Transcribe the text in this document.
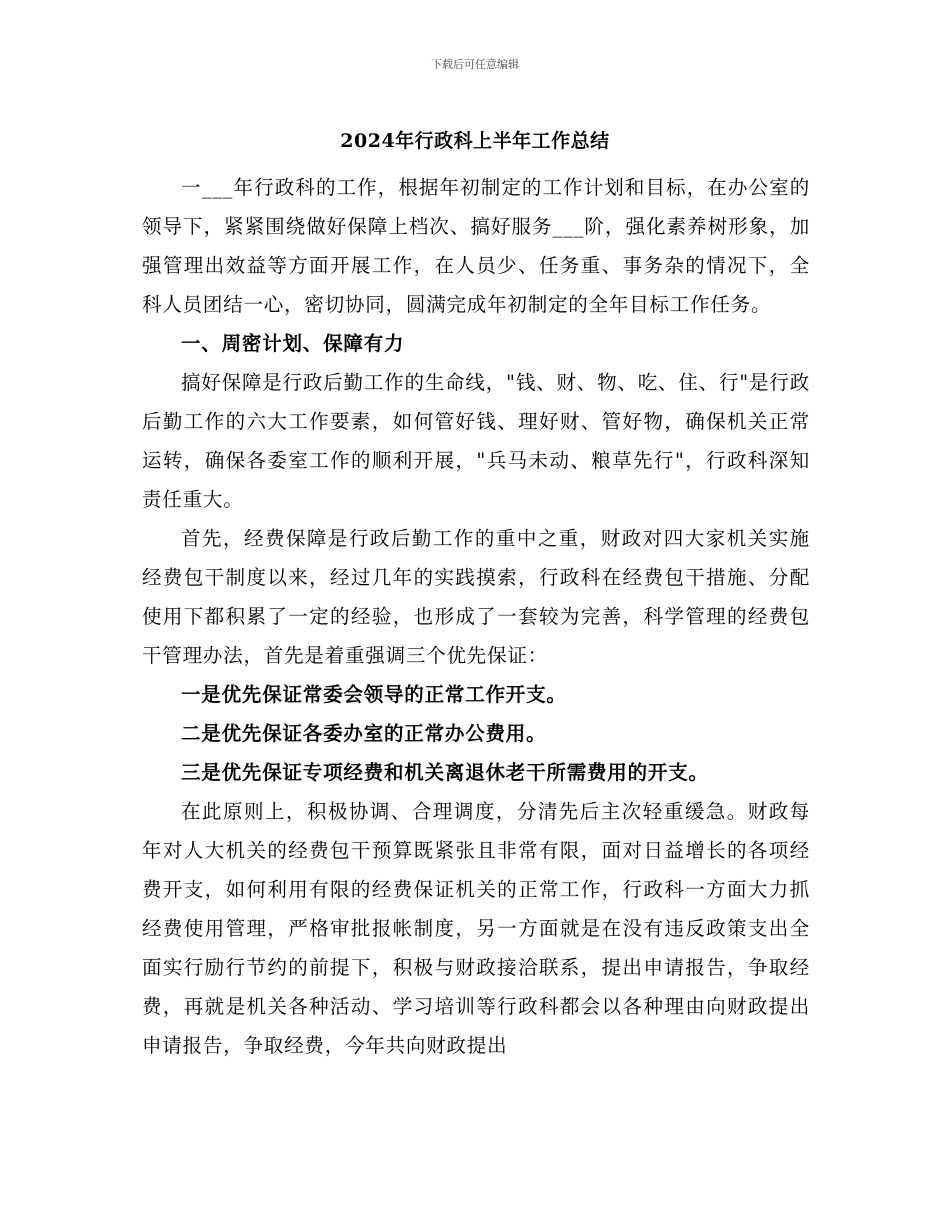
下载后可任意编辑
2024年行政科上半年工作总结

一___年行政科的工作，根据年初制定的工作计划和目标，在办公室的领导下，紧紧围绕做好保障上档次、搞好服务___阶，强化素养树形象，加强管理出效益等方面开展工作，在人员少、任务重、事务杂的情况下，全科人员团结一心，密切协同，圆满完成年初制定的全年目标工作任务。

一、周密计划、保障有力

搞好保障是行政后勤工作的生命线，"钱、财、物、吃、住、行"是行政后勤工作的六大工作要素，如何管好钱、理好财、管好物，确保机关正常运转，确保各委室工作的顺利开展，"兵马未动、粮草先行"，行政科深知责任重大。

首先，经费保障是行政后勤工作的重中之重，财政对四大家机关实施经费包干制度以来，经过几年的实践摸索，行政科在经费包干措施、分配使用下都积累了一定的经验，也形成了一套较为完善，科学管理的经费包干管理办法，首先是着重强调三个优先保证：

一是优先保证常委会领导的正常工作开支。

二是优先保证各委办室的正常办公费用。

三是优先保证专项经费和机关离退休老干所需费用的开支。

在此原则上，积极协调、合理调度，分清先后主次轻重缓急。财政每年对人大机关的经费包干预算既紧张且非常有限，面对日益增长的各项经费开支，如何利用有限的经费保证机关的正常工作，行政科一方面大力抓经费使用管理，严格审批报帐制度，另一方面就是在没有违反政策支出全面实行励行节约的前提下，积极与财政接洽联系，提出申请报告，争取经费，再就是机关各种活动、学习培训等行政科都会以各种理由向财政提出申请报告，争取经费，今年共向财政提出
